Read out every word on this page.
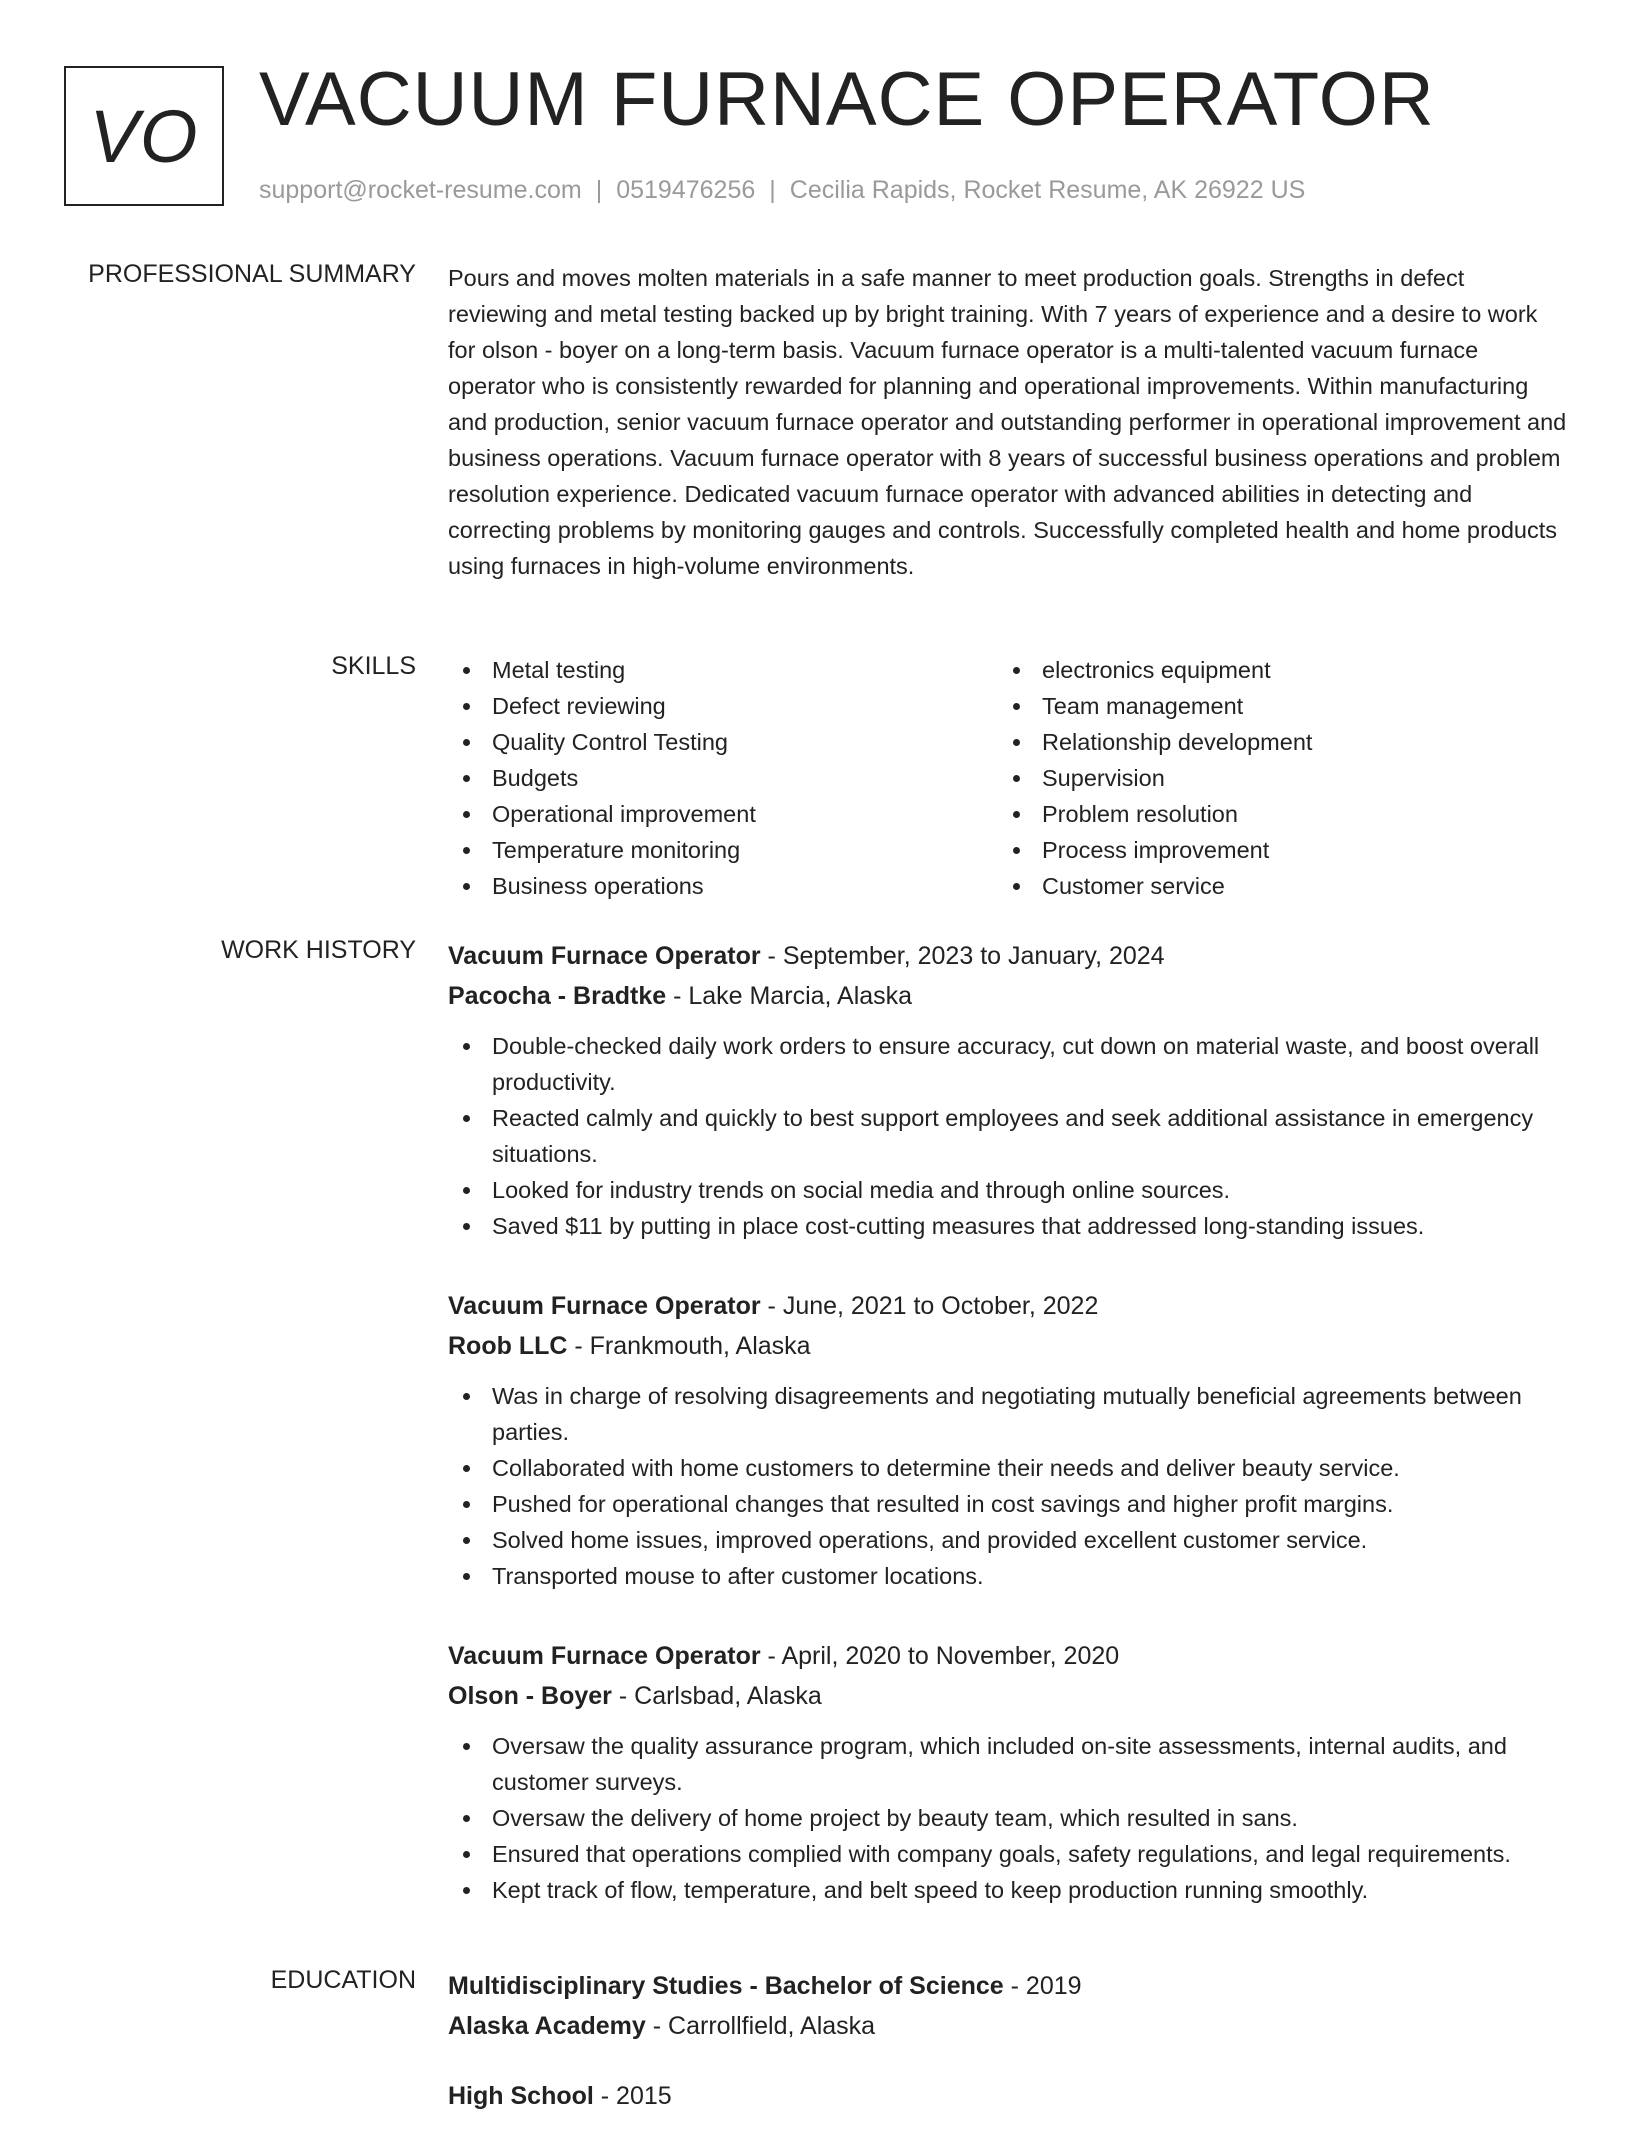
VO VACUUM FURNACE OPERATOR
support@rocket-resume.com | 0519476256 | Cecilia Rapids, Rocket Resume, AK 26922 US
PROFESSIONAL SUMMARY Pours and moves molten materials in a safe manner to meet production goals. Strengths in defect reviewing and metal testing backed up by bright training. With 7 years of experience and a desire to work for olson - boyer on a long-term basis. Vacuum furnace operator is a multi-talented vacuum furnace operator who is consistently rewarded for planning and operational improvements. Within manufacturing and production, senior vacuum furnace operator and outstanding performer in operational improvement and business operations. Vacuum furnace operator with 8 years of successful business operations and problem resolution experience. Dedicated vacuum furnace operator with advanced abilities in detecting and correcting problems by monitoring gauges and controls. Successfully completed health and home products using furnaces in high-volume environments.

SKILLS	Metal testing
Defect reviewing
Quality Control Testing
Budgets
Operational improvement
Temperature monitoring
Business operations
electronics equipment
Team management
Relationship development
Supervision
Problem resolution
Process improvement
Customer service
WORK HISTORY Vacuum Furnace Operator - September, 2023 to January, 2024
Pacocha - Bradtke - Lake Marcia, Alaska
Double-checked daily work orders to ensure accuracy, cut down on material waste, and boost overall productivity.
Reacted calmly and quickly to best support employees and seek additional assistance in emergency situations.
Looked for industry trends on social media and through online sources.
Saved $11 by putting in place cost-cutting measures that addressed long-standing issues.
Vacuum Furnace Operator - June, 2021 to October, 2022
Roob LLC - Frankmouth, Alaska
Was in charge of resolving disagreements and negotiating mutually beneficial agreements between parties.
Collaborated with home customers to determine their needs and deliver beauty service.
Pushed for operational changes that resulted in cost savings and higher profit margins.
Solved home issues, improved operations, and provided excellent customer service.
Transported mouse to after customer locations.
Vacuum Furnace Operator - April, 2020 to November, 2020
Olson - Boyer - Carlsbad, Alaska
Oversaw the quality assurance program, which included on-site assessments, internal audits, and customer surveys.
Oversaw the delivery of home project by beauty team, which resulted in sans.
Ensured that operations complied with company goals, safety regulations, and legal requirements.
Kept track of flow, temperature, and belt speed to keep production running smoothly.
EDUCATION Multidisciplinary Studies - Bachelor of Science - 2019
Alaska Academy - Carrollfield, Alaska
High School - 2015
